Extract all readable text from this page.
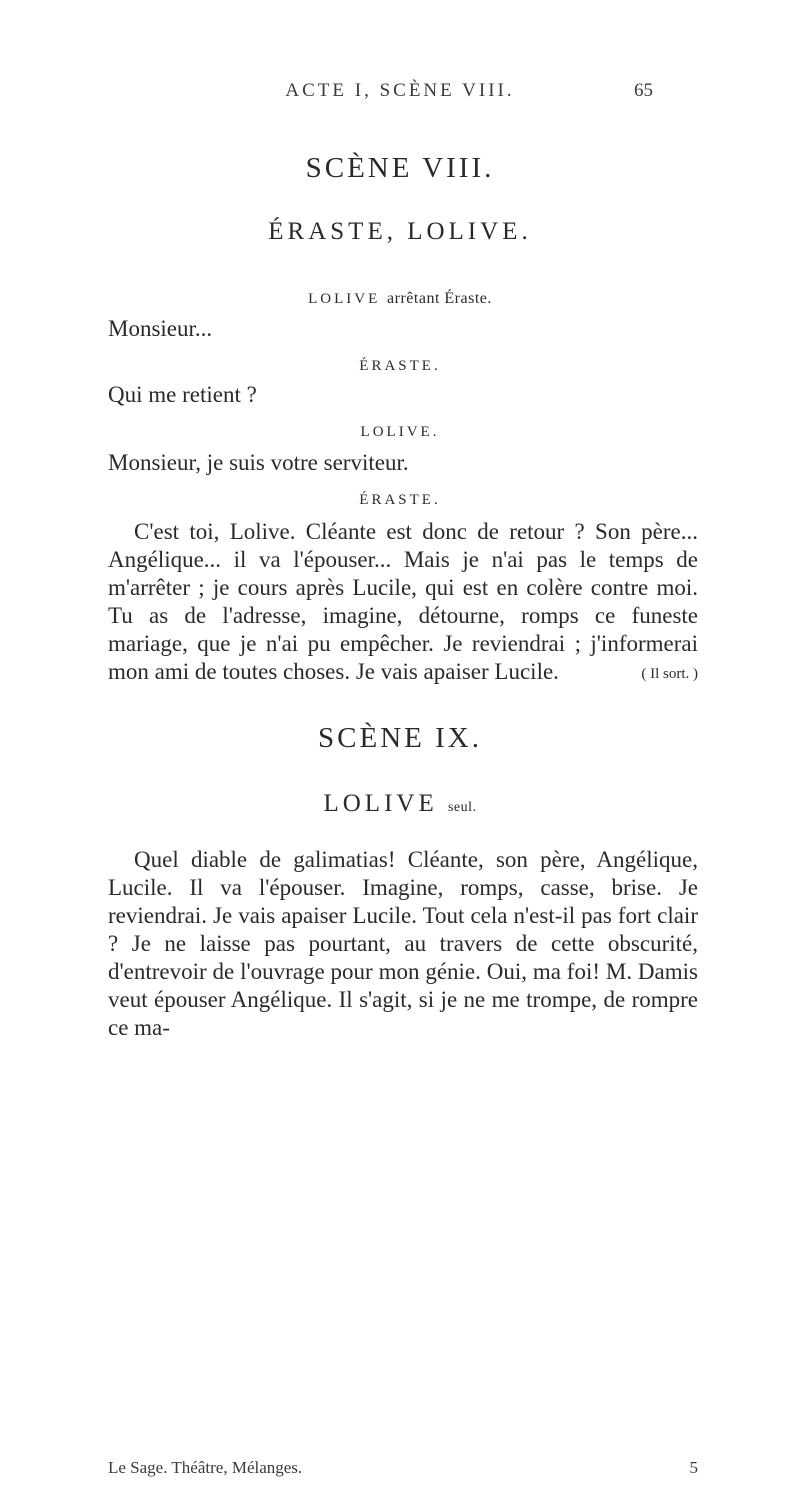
ACTE I, SCÈNE VIII.	65
SCÈNE VIII.
ÉRASTE, LOLIVE.
LOLIVE arrêtant Éraste.
Monsieur...
ÉRASTE.
Qui me retient ?
LOLIVE.
Monsieur, je suis votre serviteur.
ÉRASTE.
C'est toi, Lolive. Cléante est donc de retour ? Son père... Angélique... il va l'épouser... Mais je n'ai pas le temps de m'arrêter ; je cours après Lucile, qui est en colère contre moi. Tu as de l'adresse, imagine, détourne, romps ce funeste mariage, que je n'ai pu empêcher. Je reviendrai ; j'informerai mon ami de toutes choses. Je vais apaiser Lucile.	( Il sort. )
SCÈNE IX.
LOLIVE seul.
Quel diable de galimatias! Cléante, son père, Angélique, Lucile. Il va l'épouser. Imagine, romps, casse, brise. Je reviendrai. Je vais apaiser Lucile. Tout cela n'est-il pas fort clair ? Je ne laisse pas pourtant, au travers de cette obscurité, d'entrevoir de l'ouvrage pour mon génie. Oui, ma foi! M. Damis veut épouser Angélique. Il s'agit, si je ne me trompe, de rompre ce ma-
Le Sage. Théâtre, Mélanges.	5
